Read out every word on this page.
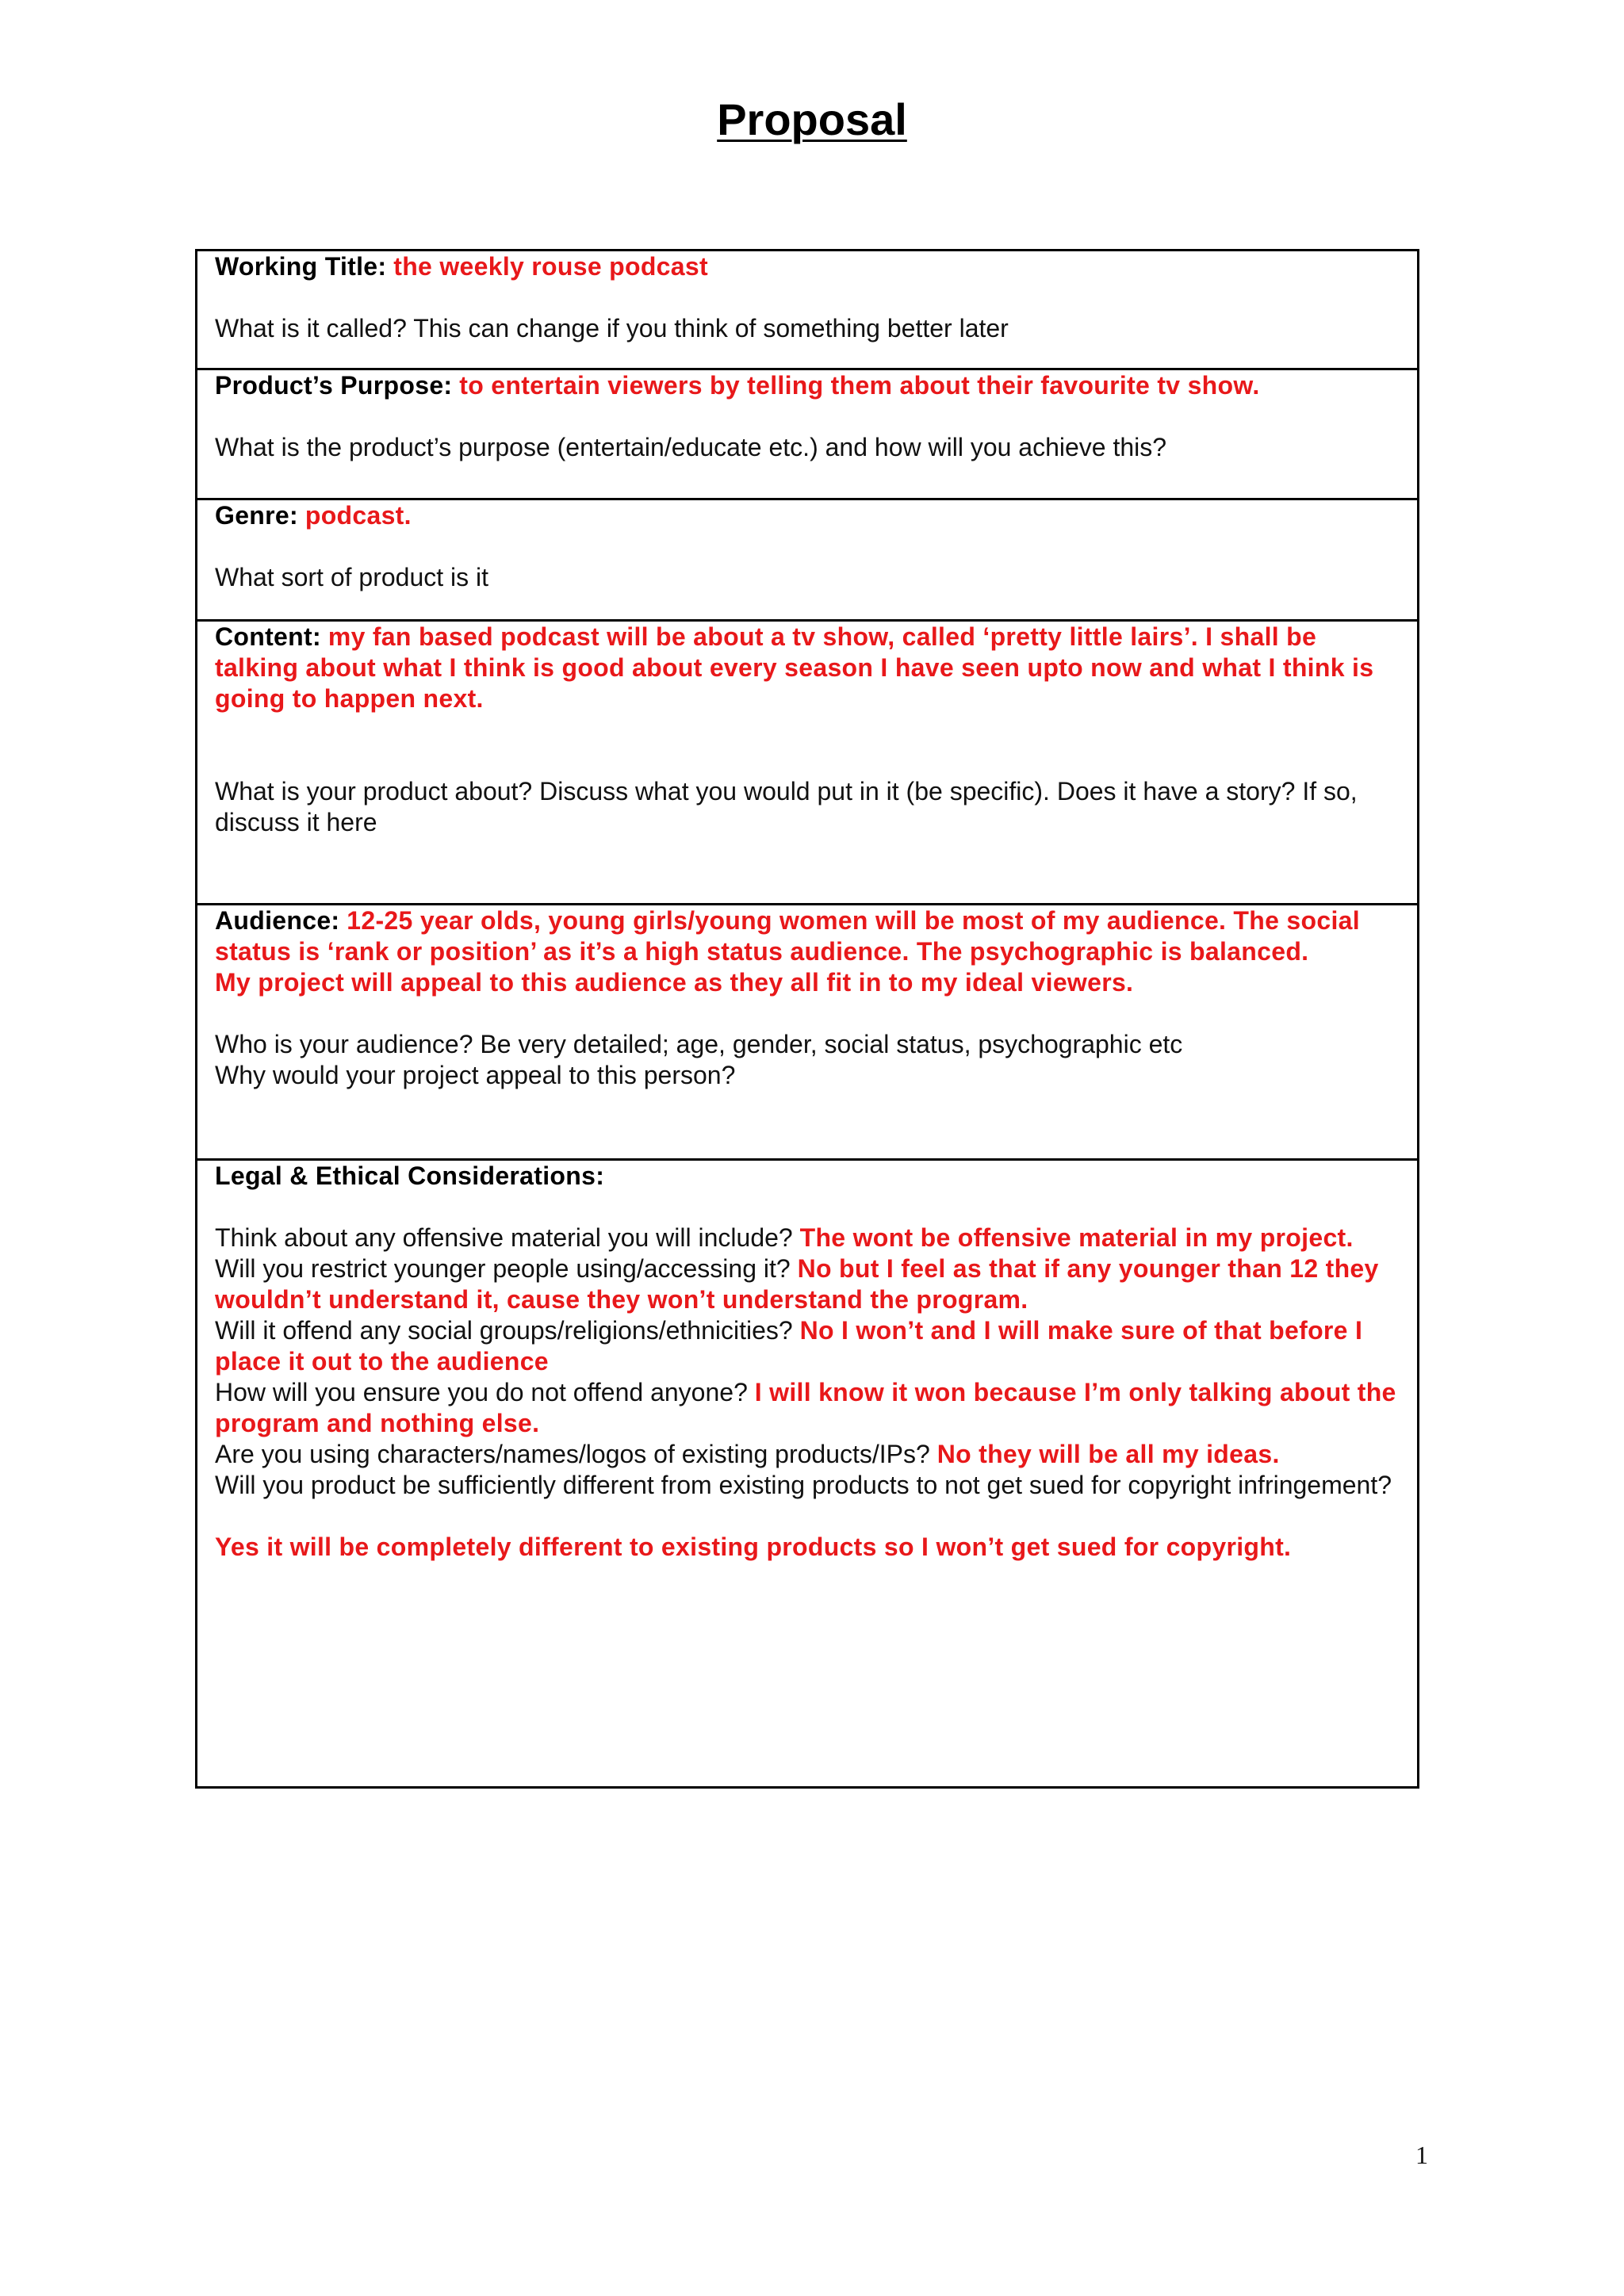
Proposal

Working Title: the weekly rouse podcast

What is it called? This can change if you think of something better later

Product’s Purpose: to entertain viewers by telling them about their favourite tv show.

What is the product’s purpose (entertain/educate etc.) and how will you achieve this?

Genre: podcast.

What sort of product is it

Content: my fan based podcast will be about a tv show, called ‘pretty little lairs’. I shall be talking about what I think is good about every season I have seen upto now and what I think is going to happen next.

What is your product about? Discuss what you would put in it (be specific). Does it have a story? If so, discuss it here

Audience: 12-25 year olds, young girls/young women will be most of my audience. The social status is ‘rank or position’ as it’s a high status audience. The psychographic is balanced.

My project will appeal to this audience as they all fit in to my ideal viewers.

Who is your audience? Be very detailed; age, gender, social status, psychographic etc

Why would your project appeal to this person?

Legal & Ethical Considerations:

Think about any offensive material you will include? The wont be offensive material in my project.

Will you restrict younger people using/accessing it? No but I feel as that if any younger than 12 they wouldn’t understand it, cause they won’t understand the program.

Will it offend any social groups/religions/ethnicities? No I won’t and I will make sure of that before I place it out to the audience

How will you ensure you do not offend anyone? I will know it won because I’m only talking about the program and nothing else.

Are you using characters/names/logos of existing products/IPs? No they will be all my ideas.

Will you product be sufficiently different from existing products to not get sued for copyright infringement?

Yes it will be completely different to existing products so I won’t get sued for copyright.

1
